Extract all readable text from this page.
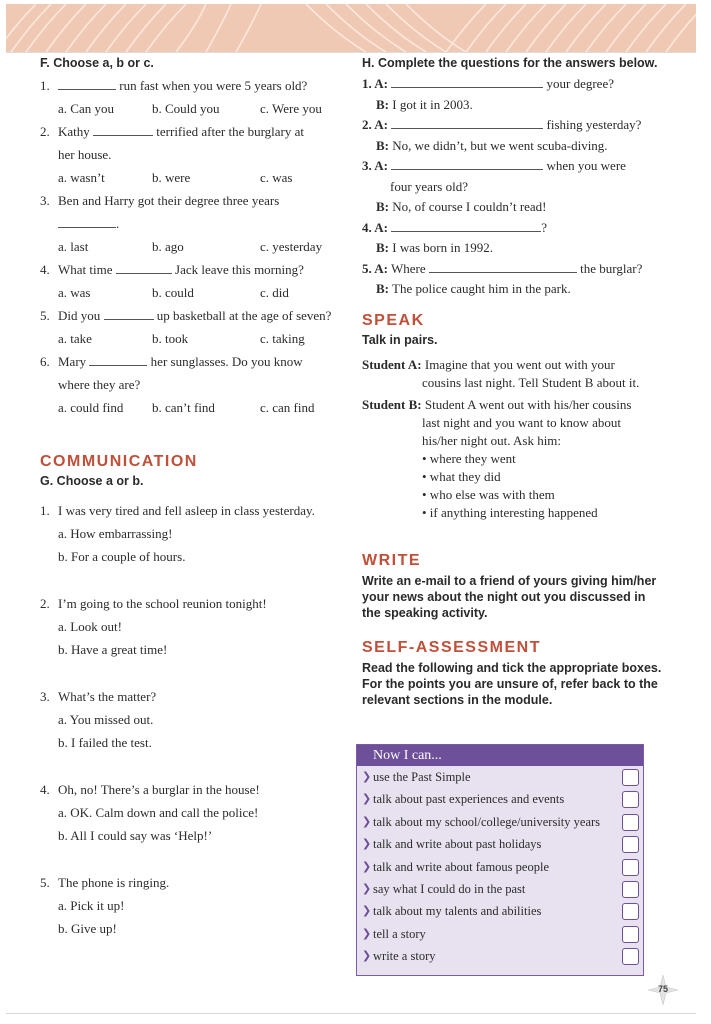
F. Choose a, b or c.

1.	run fast when you were 5 years old?
a. Can you	b. Could you	c. Were you
2. Kathy	terrified after the burglary at
her house.
a. wasn’t	b. were	c. was
3. Ben and Harry got their degree three years
.
a. last	b. ago	c. yesterday
4. What time	Jack leave this morning?
a. was	b. could	c. did
5. Did you	up basketball at the age of seven?
a. take	b. took	c. taking
6. Mary	her sunglasses. Do you know
where they are?
a. could find	b. can’t find	c. can find

COMMUNICATION

G. Choose a or b.

1. I was very tired and fell asleep in class yesterday.
a. How embarrassing!
b. For a couple of hours.
2. I’m going to the school reunion tonight!
a. Look out!
b. Have a great time!
3. What’s the matter?
a. You missed out.
b. I failed the test.
4. Oh, no! There’s a burglar in the house!
a. OK. Calm down and call the police!
b. All I could say was ‘Help!’
5. The phone is ringing.
a. Pick it up!
b. Give up!

H. Complete the questions for the answers below.

1. A:	your degree?
B: I got it in 2003.
2. A:	fishing yesterday?
B: No, we didn’t, but we went scuba-diving.
3. A:	when you were
four years old?
B: No, of course I couldn’t read!
4. A:	?
B: I was born in 1992.
5. A: Where	the burglar?
B: The police caught him in the park.

SPEAK

Talk in pairs.

Student A: Imagine that you went out with your
cousins last night. Tell Student B about it.
Student B: Student A went out with his/her cousins
last night and you want to know about
his/her night out. Ask him:
• where they went
• what they did
• who else was with them
• if anything interesting happened

WRITE

Write an e-mail to a friend of yours giving him/her
your news about the night out you discussed in
the speaking activity.

SELF-ASSESSMENT

Read the following and tick the appropriate boxes.
For the points you are unsure of, refer back to the
relevant sections in the module.
Now I can...
❯ use the Past Simple
❯ talk about past experiences and events
❯ talk about my school/college/university years
❯ talk and write about past holidays
❯ talk and write about famous people
❯ say what I could do in the past
❯ talk about my talents and abilities
❯ tell a story
❯ write a story
75
